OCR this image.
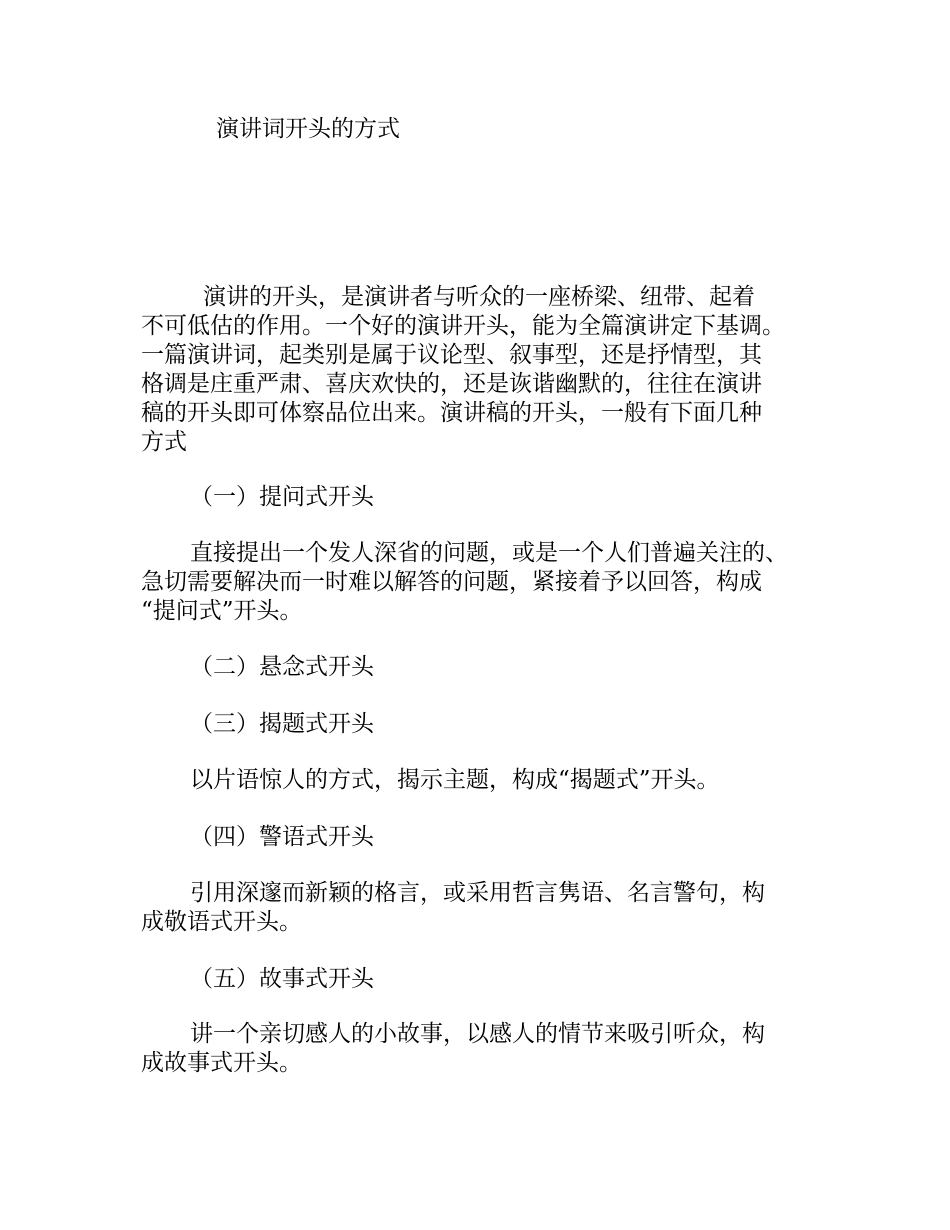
演讲词开头的方式
演讲的开头，是演讲者与听众的一座桥梁、纽带、起着
不可低估的作用。一个好的演讲开头，能为全篇演讲定下基调。
一篇演讲词，起类别是属于议论型、叙事型，还是抒情型，其
格调是庄重严肃、喜庆欢快的，还是诙谐幽默的，往往在演讲
稿的开头即可体察品位出来。演讲稿的开头，一般有下面几种
方式
（一）提问式开头
直接提出一个发人深省的问题，或是一个人们普遍关注的、
急切需要解决而一时难以解答的问题，紧接着予以回答，构成
“提问式”开头。
（二）悬念式开头
（三）揭题式开头
以片语惊人的方式，揭示主题，构成“揭题式”开头。
（四）警语式开头
引用深邃而新颖的格言，或采用哲言隽语、名言警句，构
成敬语式开头。
（五）故事式开头
讲一个亲切感人的小故事，以感人的情节来吸引听众，构
成故事式开头。
